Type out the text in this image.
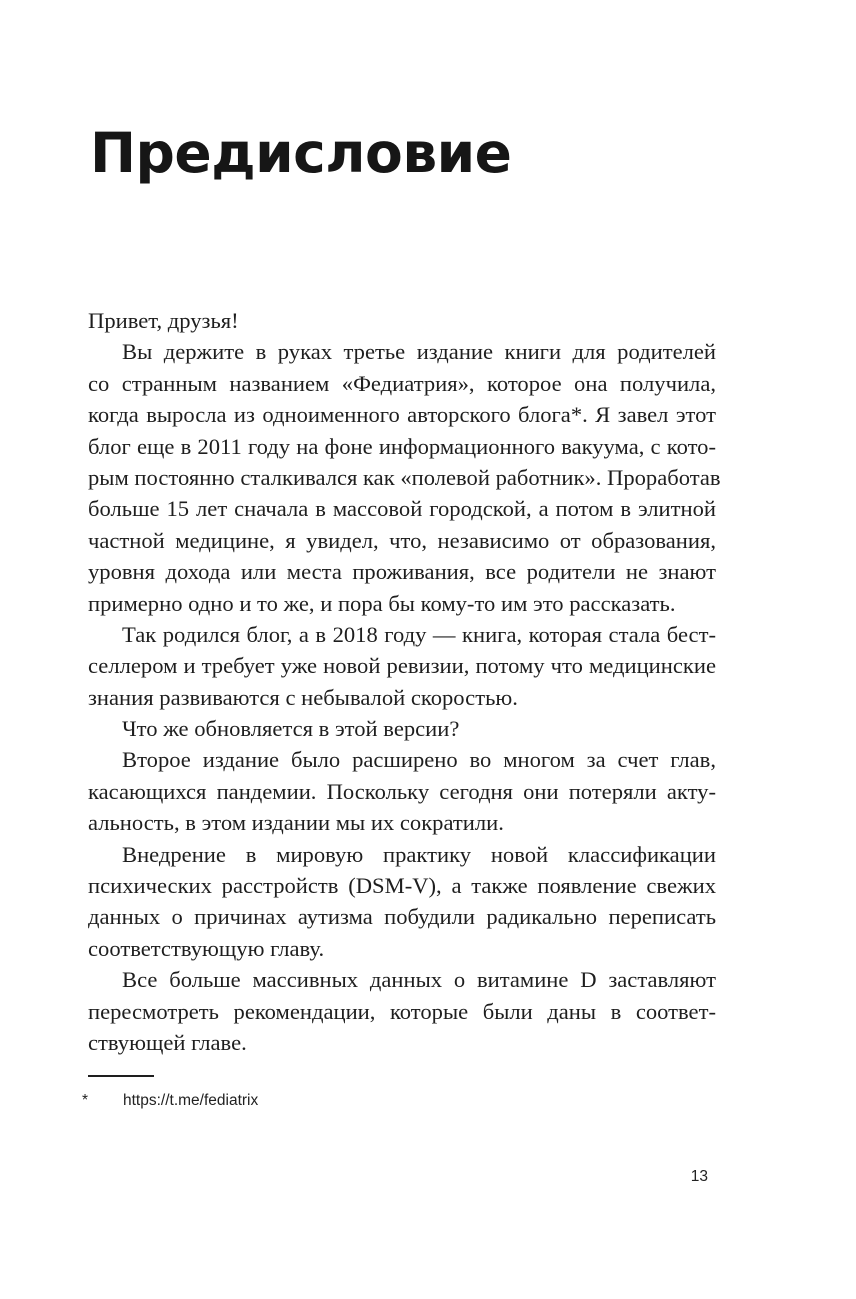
Предисловие
Привет, друзья!
Вы держите в руках третье издание книги для родителей
со странным названием «Федиатрия», которое она получила,
когда выросла из одноименного авторского блога*. Я завел этот
блог еще в 2011 году на фоне информационного вакуума, с кото-
рым постоянно сталкивался как «полевой работник». Проработав
больше 15 лет сначала в массовой городской, а потом в элитной
частной медицине, я увидел, что, независимо от образования,
уровня дохода или места проживания, все родители не знают
примерно одно и то же, и пора бы кому-то им это рассказать.
Так родился блог, а в 2018 году — книга, которая стала бест-
селлером и требует уже новой ревизии, потому что медицинские
знания развиваются с небывалой скоростью.
Что же обновляется в этой версии?
Второе издание было расширено во многом за счет глав,
касающихся пандемии. Поскольку сегодня они потеряли акту-
альность, в этом издании мы их сократили.
Внедрение в мировую практику новой классификации
психических расстройств (DSM-V), а также появление свежих
данных о причинах аутизма побудили радикально переписать
соответствующую главу.
Все больше массивных данных о витамине D заставляют
пересмотреть рекомендации, которые были даны в соответ-
ствующей главе.
* https://t.me/fediatrix
13
